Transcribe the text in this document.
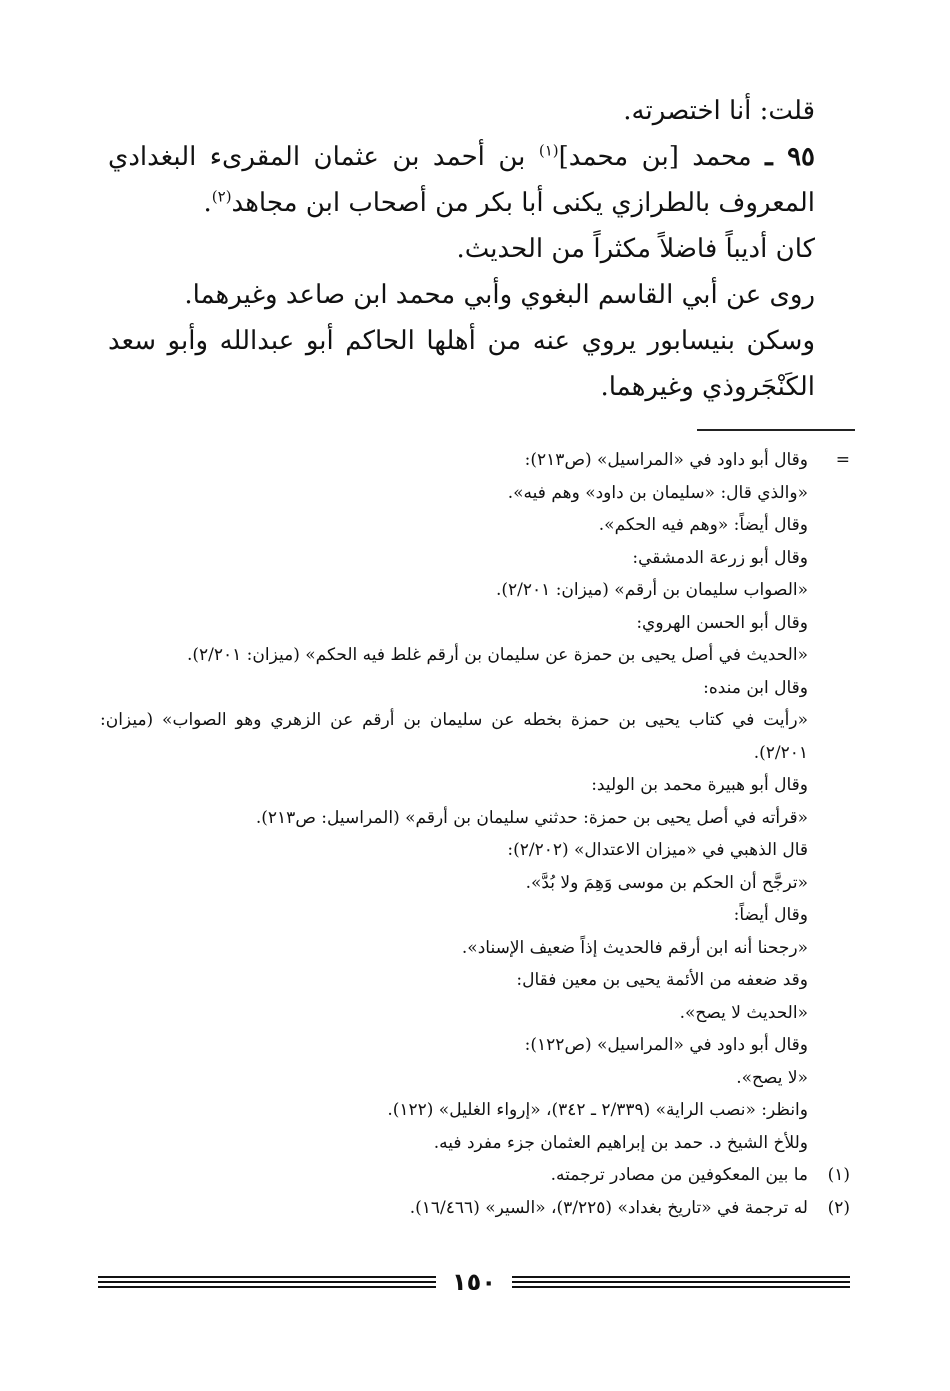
قلت: أنا اختصرته.

٩٥ ـ محمد [بن محمد]$^{(١)}$ بن أحمد بن عثمان المقرىء البغدادي المعروف بالطرازي يكنى أبا بكر من أصحاب ابن مجاهد$^{(٢)}$.

كان أديباً فاضلاً مكثراً من الحديث.

روى عن أبي القاسم البغوي وأبي محمد ابن صاعد وغيرهما.

وسكن بنيسابور يروي عنه من أهلها الحاكم أبو عبدالله وأبو سعد الكَنْجَروذي وغيرهما.

=
وقال أبو داود في «المراسيل» (ص٢١٣):

«والذي قال: «سليمان بن داود» وهم فيه».

وقال أيضاً: «وهم فيه الحكم».

وقال أبو زرعة الدمشقي:

«الصواب سليمان بن أرقم» (ميزان: ٢/٢٠١).

وقال أبو الحسن الهروي:

«الحديث في أصل يحيى بن حمزة عن سليمان بن أرقم غلط فيه الحكم» (ميزان: ٢/٢٠١).

وقال ابن منده:

«رأيت في كتاب يحيى بن حمزة بخطه عن سليمان بن أرقم عن الزهري وهو الصواب» (ميزان: ٢/٢٠١).

وقال أبو هبيرة محمد بن الوليد:

«قرأته في أصل يحيى بن حمزة: حدثني سليمان بن أرقم» (المراسيل: ص٢١٣).

قال الذهبي في «ميزان الاعتدال» (٢/٢٠٢):

«ترجَّح أن الحكم بن موسى وَهِمَ ولا بُدَّ».

وقال أيضاً:

«رجحنا أنه ابن أرقم فالحديث إذاً ضعيف الإسناد».

وقد ضعفه من الأئمة يحيى بن معين فقال:

«الحديث لا يصح».

وقال أبو داود في «المراسيل» (ص١٢٢):

«لا يصح».

وانظر: «نصب الراية» (٢/٣٣٩ ـ ٣٤٢)، «إرواء الغليل» (١٢٢).

وللأخ الشيخ د. حمد بن إبراهيم العثمان جزء مفرد فيه.

(١)
ما بين المعكوفين من مصادر ترجمته.

(٢)
له ترجمة في «تاريخ بغداد» (٣/٢٢٥)، «السير» (١٦/٤٦٦).

١٥٠
